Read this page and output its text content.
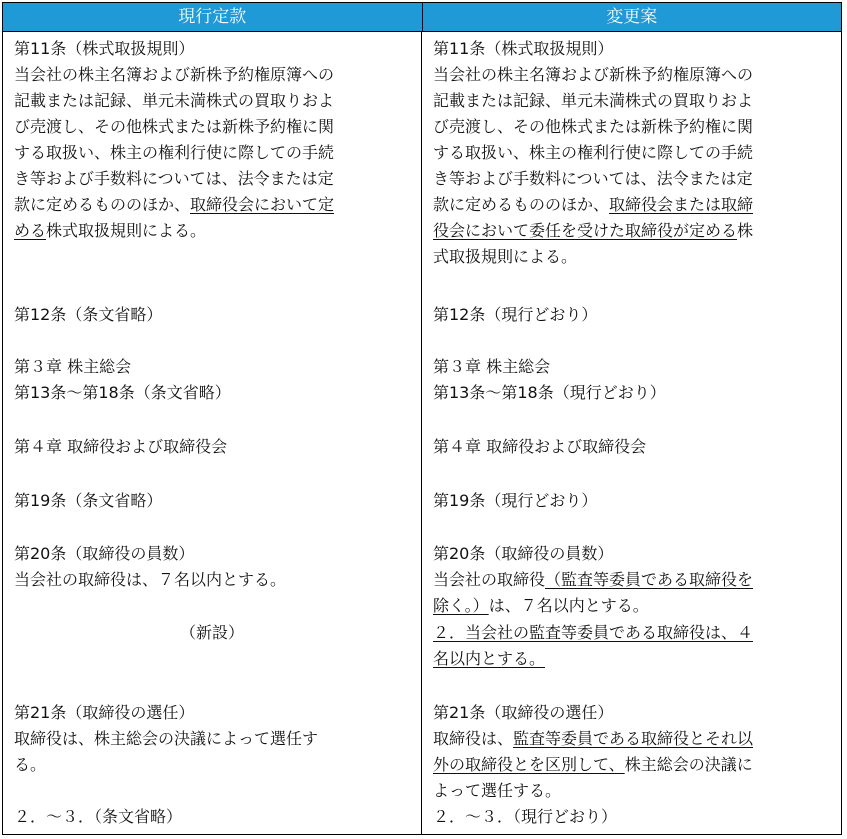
現行定款	変更案
第11条（株式取扱規則）
当会社の株主名簿および新株予約権原簿への
記載または記録、単元未満株式の買取りおよ
び売渡し、その他株式または新株予約権に関
する取扱い、株主の権利行使に際しての手続
き等および手数料については、法令または定
款に定めるもののほか、取締役会において定
める株式取扱規則による。
第12条（条文省略）
第３章 株主総会
第13条～第18条（条文省略）
第４章 取締役および取締役会
第19条（条文省略）
第20条（取締役の員数）
当会社の取締役は、７名以内とする。
（新設）
第21条（取締役の選任）
取締役は、株主総会の決議によって選任す
る。
２．～３．（条文省略）
第11条（株式取扱規則）
当会社の株主名簿および新株予約権原簿への
記載または記録、単元未満株式の買取りおよ
び売渡し、その他株式または新株予約権に関
する取扱い、株主の権利行使に際しての手続
き等および手数料については、法令または定
款に定めるもののほか、取締役会または取締
役会において委任を受けた取締役が定める株
式取扱規則による。
第12条（現行どおり）
第３章 株主総会
第13条～第18条（現行どおり）
第４章 取締役および取締役会
第19条（現行どおり）
第20条（取締役の員数）
当会社の取締役（監査等委員である取締役を
除く。）は、７名以内とする。
２．当会社の監査等委員である取締役は、４
名以内とする。
第21条（取締役の選任）
取締役は、監査等委員である取締役とそれ以
外の取締役とを区別して、株主総会の決議に
よって選任する。
２．～３．（現行どおり）
